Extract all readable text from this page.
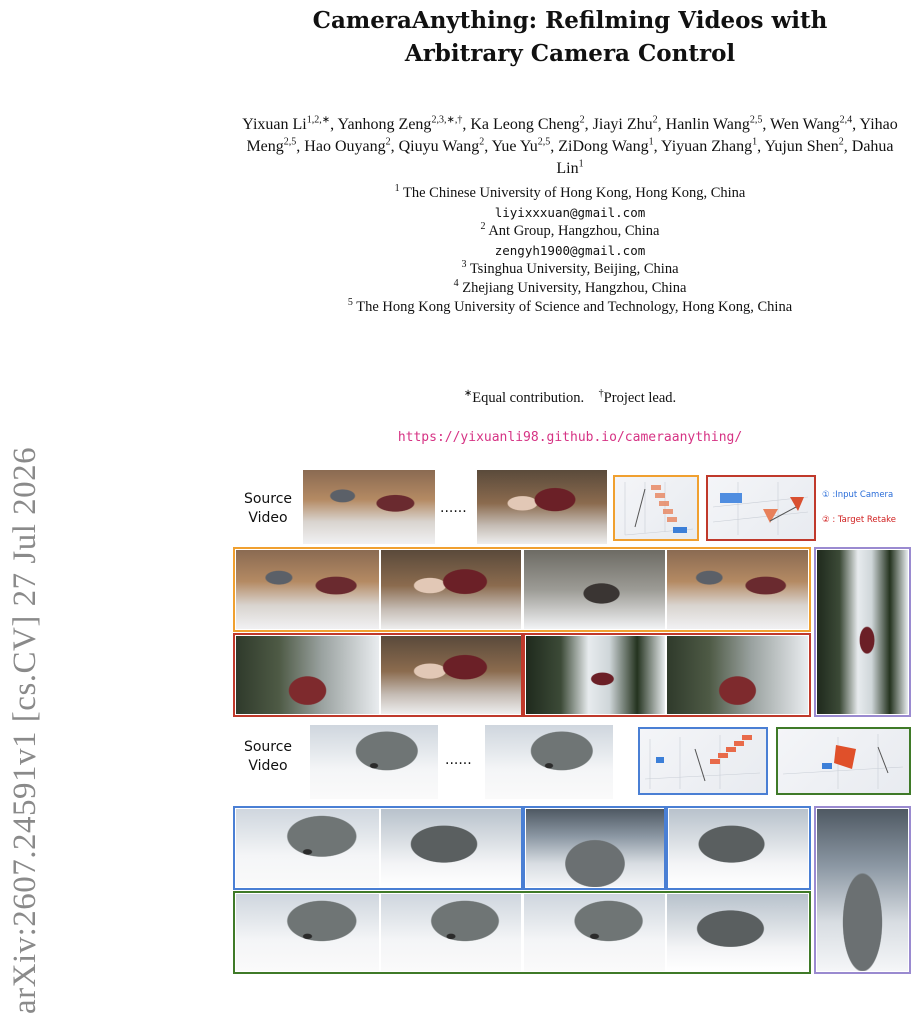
arXiv:2607.24591v1 [cs.CV] 27 Jul 2026
CameraAnything: Refilming Videos with
Arbitrary Camera Control
Yixuan $Li^{1,2,∗}$, Yanhong Zeng$^{2,3,∗,\dagger}$, Ka Leong Cheng$^2$, Jiayi Zhu$^2$, Hanlin Wang$^{2,5}$, Wen Wang$^{2,4}$, Yihao Meng$^{2,5}$, Hao Ouyang$^2$, Qiuyu Wang$^2$, Yue Yu$^{2,5}$, ZiDong Wang$^1$, Yiyuan Zhang$^1$, Yujun Shen$^2$, Dahua Lin$^1$
$^1$ The Chinese University of Hong Kong, Hong Kong, China
liyixxxuan@gmail.com
$^2$ Ant Group, Hangzhou, China
zengyh1900@gmail.com
$^3$ Tsinghua University, Beijing, China
$^4$ Zhejiang University, Hangzhou, China
$^5$ The Hong Kong University of Science and Technology, Hong Kong, China
∗Equal contribution. †Project lead.
https://yixuanli98.github.io/cameraanything/
Source
Video
......
① :Input Camera
② : Target Retake
Source
Video	......
